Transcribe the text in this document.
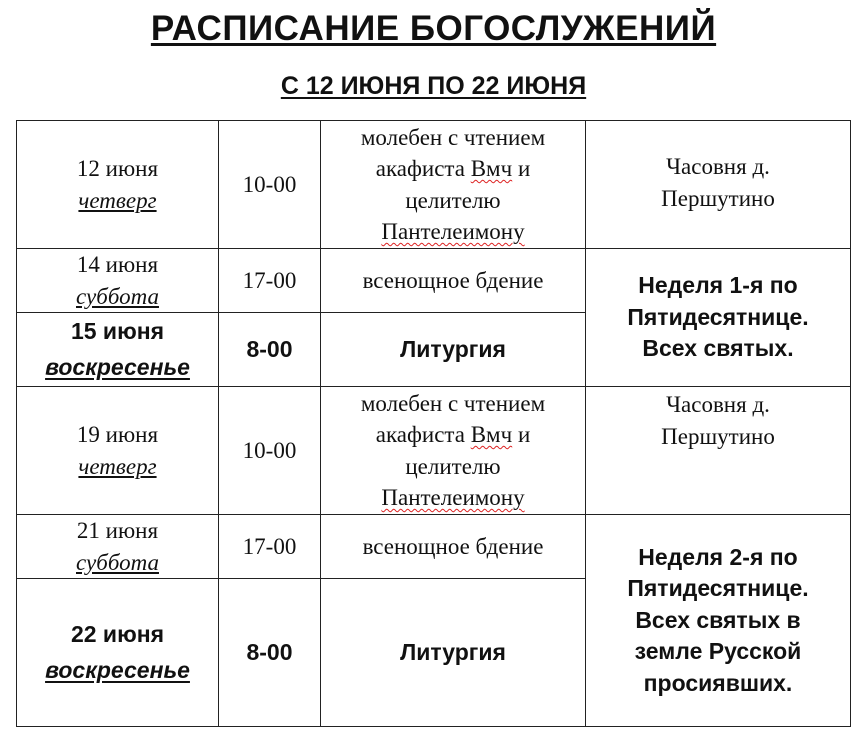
РАСПИСАНИЕ БОГОСЛУЖЕНИЙ
С 12 ИЮНЯ ПО 22 ИЮНЯ
12 июня
четверг	10-00	молебен с чтением
акафиста Вмч и
целителю
Пантелеимону	Часовня д.
Першутино

14 июня
суббота	17-00	всенощное бдение	Неделя 1-я по
Пятидесятнице.
Всех святых.

15 июня
воскресенье	8-00	Литургия	

19 июня
четверг	10-00	молебен с чтением
акафиста Вмч и
целителю
Пантелеимону	Часовня д.
Першутино

21 июня
суббота	17-00	всенощное бдение	Неделя 2-я по
Пятидесятнице.
Всех святых в
земле Русской
просиявших.

22 июня
воскресенье	8-00	Литургия	
